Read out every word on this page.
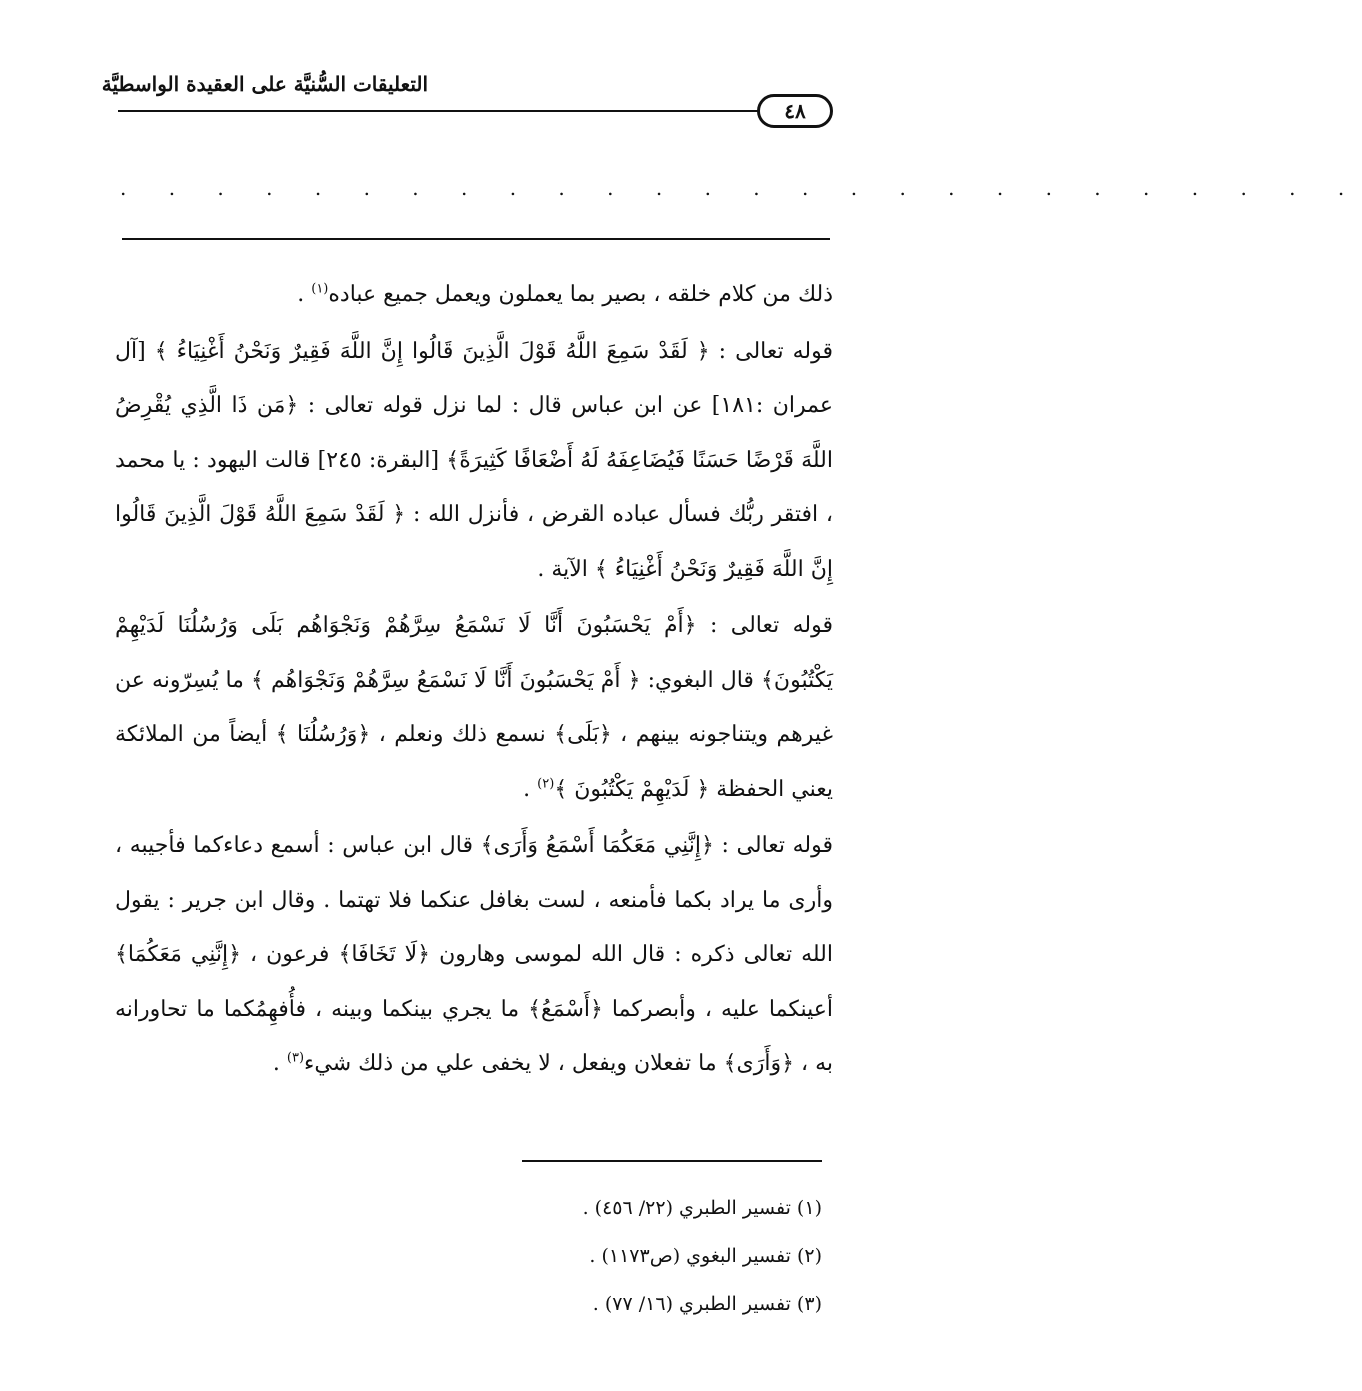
التعليقات السُّنيَّة على العقيدة الواسطيَّة
٤٨
. . . . . . . . . . . . . . . . . . . . . . . . . .

ذلك من كلام خلقه ، بصير بما يعملون ويعمل جميع عباده$^{(١)}$ .

قوله تعالى : ﴿ لَقَدْ سَمِعَ اللَّهُ قَوْلَ الَّذِينَ قَالُوا إِنَّ اللَّهَ فَقِيرٌ وَنَحْنُ أَغْنِيَاءُ ﴾ [آل عمران :١٨١] عن ابن عباس قال : لما نزل قوله تعالى : ﴿مَن ذَا الَّذِي يُقْرِضُ اللَّهَ قَرْضًا حَسَنًا فَيُضَاعِفَهُ لَهُ أَضْعَافًا كَثِيرَةً﴾ [البقرة: ٢٤٥] قالت اليهود : يا محمد ، افتقر ربُّك فسأل عباده القرض ، فأنزل الله : ﴿ لَقَدْ سَمِعَ اللَّهُ قَوْلَ الَّذِينَ قَالُوا إِنَّ اللَّهَ فَقِيرٌ وَنَحْنُ أَغْنِيَاءُ ﴾ الآية .

قوله تعالى : ﴿أَمْ يَحْسَبُونَ أَنَّا لَا نَسْمَعُ سِرَّهُمْ وَنَجْوَاهُم بَلَى وَرُسُلُنَا لَدَيْهِمْ يَكْتُبُونَ﴾ قال البغوي: ﴿ أَمْ يَحْسَبُونَ أَنَّا لَا نَسْمَعُ سِرَّهُمْ وَنَجْوَاهُم ﴾ ما يُسِرّونه عن غيرهم ويتناجونه بينهم ، ﴿بَلَى﴾ نسمع ذلك ونعلم ، ﴿وَرُسُلُنَا ﴾ أيضاً من الملائكة يعني الحفظة ﴿ لَدَيْهِمْ يَكْتُبُونَ ﴾$^{(٢)}$ .

قوله تعالى : ﴿إِنَّنِي مَعَكُمَا أَسْمَعُ وَأَرَى﴾ قال ابن عباس : أسمع دعاءكما فأجيبه ، وأرى ما يراد بكما فأمنعه ، لست بغافل عنكما فلا تهتما . وقال ابن جرير : يقول الله تعالى ذكره : قال الله لموسى وهارون ﴿لَا تَخَافَا﴾ فرعون ، ﴿إِنَّنِي مَعَكُمَا﴾ أعينكما عليه ، وأبصركما ﴿أَسْمَعُ﴾ ما يجري بينكما وبينه ، فأُفهِمُكما ما تحاورانه به ، ﴿وَأَرَى﴾ ما تفعلان ويفعل ، لا يخفى علي من ذلك شيء$^{(٣)}$ .

(١) تفسير الطبري (٢٢/ ٤٥٦) .
(٢) تفسير البغوي (ص١١٧٣) .
(٣) تفسير الطبري (١٦/ ٧٧) .
